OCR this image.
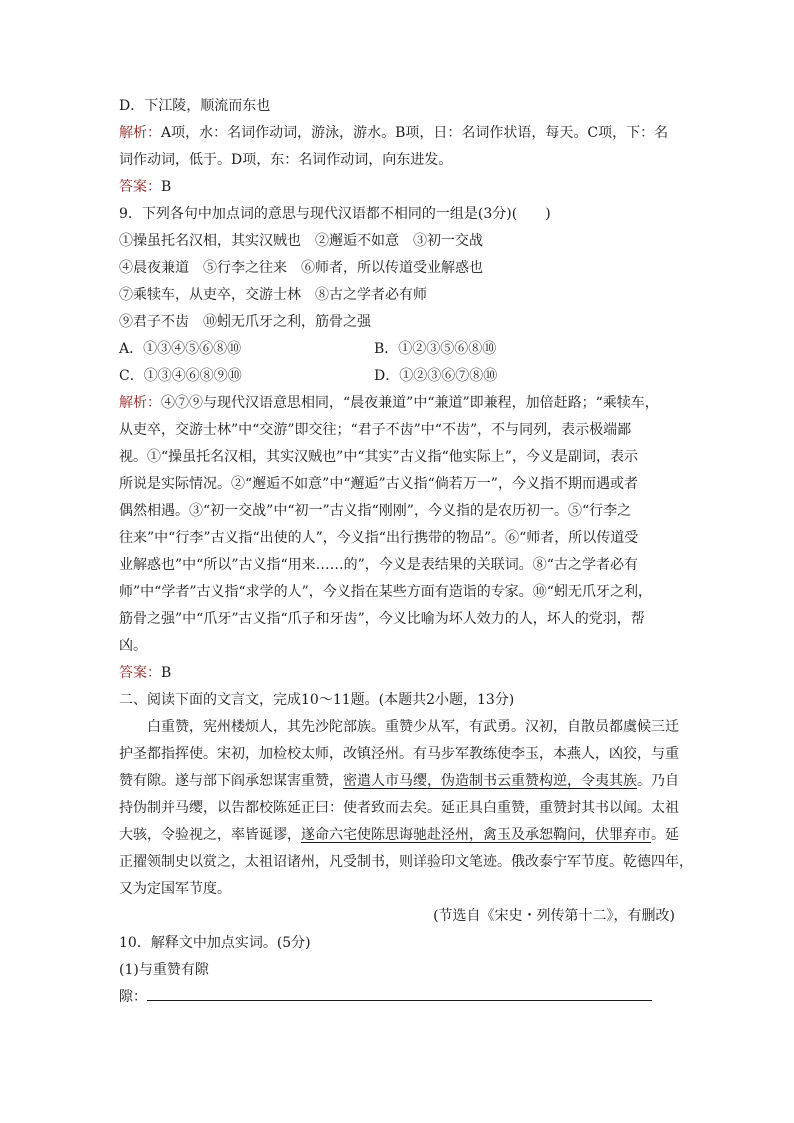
D．下江陵，顺流而东也
解析：A项，水：名词作动词，游泳，游水。B项，日：名词作状语，每天。C项，下：名
词作动词，低于。D项，东：名词作动词，向东进发。
答案：B
9．下列各句中加点词的意思与现代汉语都不相同的一组是(3分)(　　)
①操虽托名汉相，其实汉贼也　②邂逅不如意　③初一交战
④晨夜兼道　⑤行李之往来　⑥师者，所以传道受业解惑也
⑦乘犊车，从吏卒，交游士林　⑧古之学者必有师
⑨君子不齿　⑩蚓无爪牙之利，筋骨之强
A．①③④⑤⑥⑧⑩	B．①②③⑤⑥⑧⑩
C．①③④⑥⑧⑨⑩	D．①②③⑥⑦⑧⑩
解析：④⑦⑨与现代汉语意思相同，“晨夜兼道”中“兼道”即兼程，加倍赶路；“乘犊车，
从吏卒，交游士林”中“交游”即交往；“君子不齿”中“不齿”，不与同列，表示极端鄙
视。①“操虽托名汉相，其实汉贼也”中“其实”古义指“他实际上”，今义是副词，表示
所说是实际情况。②“邂逅不如意”中“邂逅”古义指“倘若万一”，今义指不期而遇或者
偶然相遇。③“初一交战”中“初一”古义指“刚刚”，今义指的是农历初一。⑤“行李之
往来”中“行李”古义指“出使的人”，今义指“出行携带的物品”。⑥“师者，所以传道受
业解惑也”中“所以”古义指“用来……的”，今义是表结果的关联词。⑧“古之学者必有
师”中“学者”古义指“求学的人”，今义指在某些方面有造诣的专家。⑩“蚓无爪牙之利，
筋骨之强”中“爪牙”古义指“爪子和牙齿”，今义比喻为坏人效力的人，坏人的党羽，帮
凶。
答案：B
二、阅读下面的文言文，完成10～11题。(本题共2小题，13分)
白重赞，宪州楼烦人，其先沙陀部族。重赞少从军，有武勇。汉初，自散员都虞候三迁
护圣都指挥使。宋初，加检校太师，改镇泾州。有马步军教练使李玉，本燕人，凶狡，与重
赞有隙。遂与部下阎承恕谋害重赞，密遣人市马缨，伪造制书云重赞构逆，令夷其族。乃自
持伪制并马缨，以告都校陈延正曰：使者致而去矣。延正具白重赞，重赞封其书以闻。太祖
大骇，令验视之，率皆诞谬，遂命六宅使陈思诲驰赴泾州，禽玉及承恕鞫问，伏罪弃市。延
正擢领制史以赏之，太祖诏诸州，凡受制书，则详验印文笔迹。俄改泰宁军节度。乾德四年，
又为定国军节度。
(节选自《宋史・列传第十二》，有删改)
10．解释文中加点实词。(5分)
(1)与重赞有隙
隙：
